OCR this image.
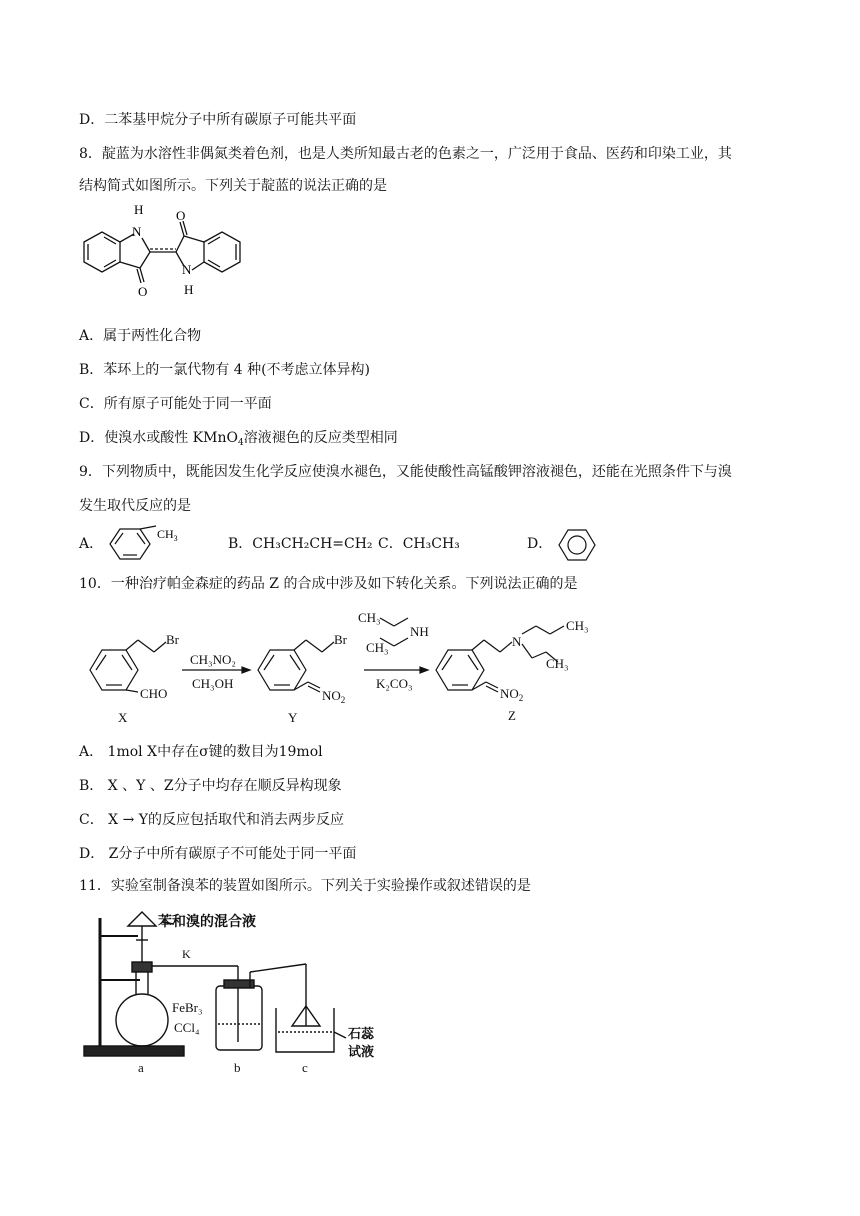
D．二苯基甲烷分子中所有碳原子可能共平面
8．靛蓝为水溶性非偶氮类着色剂，也是人类所知最古老的色素之一，广泛用于食品、医药和印染工业，其
结构简式如图所示。下列关于靛蓝的说法正确的是
H
N
O
O
N
H
A．属于两性化合物
B．苯环上的一氯代物有 4 种(不考虑立体异构)
C．所有原子可能处于同一平面
D．使溴水或酸性 KMnO$_4$溶液褪色的反应类型相同
9．下列物质中，既能因发生化学反应使溴水褪色，又能使酸性高锰酸钾溶液褪色，还能在光照条件下与溴
发生取代反应的是
A．
$CH_3$	B．CH₃CH₂CH=CH₂ C．CH₃CH₃	D．
10．一种治疗帕金森症的药品 Z 的合成中涉及如下转化关系。下列说法正确的是
Br
CHO
X
CH₃NO₂
CH₃OH
Br
$NO_2$
Y
CH₃
NH
CH₃
K₂CO₃
N
CH₃
CH₃
$NO_2$
Z
A． 1mol X中存在σ键的数目为19mol
B． X 、Y 、Z分子中均存在顺反异构现象
C． X → Y的反应包括取代和消去两步反应
D． Z分子中所有碳原子不可能处于同一平面
11．实验室制备溴苯的装置如图所示。下列关于实验操作或叙述错误的是
苯和溴的混合液
K
FeBr₃
CCl₄	石蕊
试液
a	b	c
